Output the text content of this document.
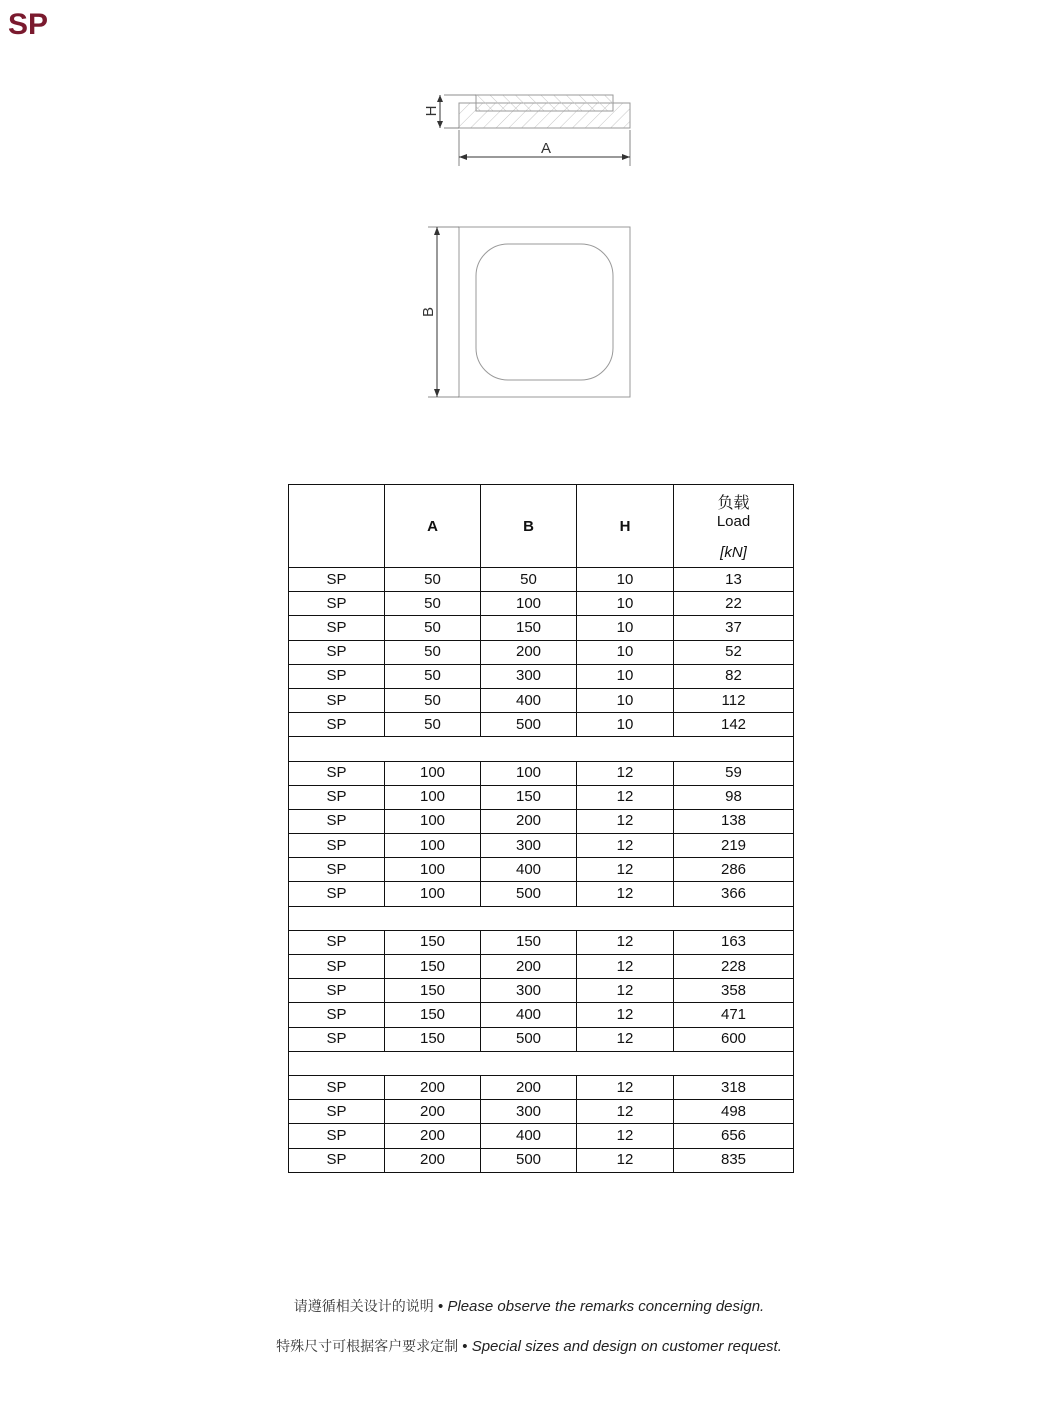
SP
H
A
B
	A	B	H	负载
Load
[kN]

SP	50	50	10	13
SP	50	100	10	22
SP	50	150	10	37
SP	50	200	10	52
SP	50	300	10	82
SP	50	400	10	112
SP	50	500	10	142

SP	100	100	12	59
SP	100	150	12	98
SP	100	200	12	138
SP	100	300	12	219
SP	100	400	12	286
SP	100	500	12	366

SP	150	150	12	163
SP	150	200	12	228
SP	150	300	12	358
SP	150	400	12	471
SP	150	500	12	600

SP	200	200	12	318
SP	200	300	12	498
SP	200	400	12	656
SP	200	500	12	835
请遵循相关设计的说明 • Please observe the remarks concerning design.
特殊尺寸可根据客户要求定制 • Special sizes and design on customer request.
